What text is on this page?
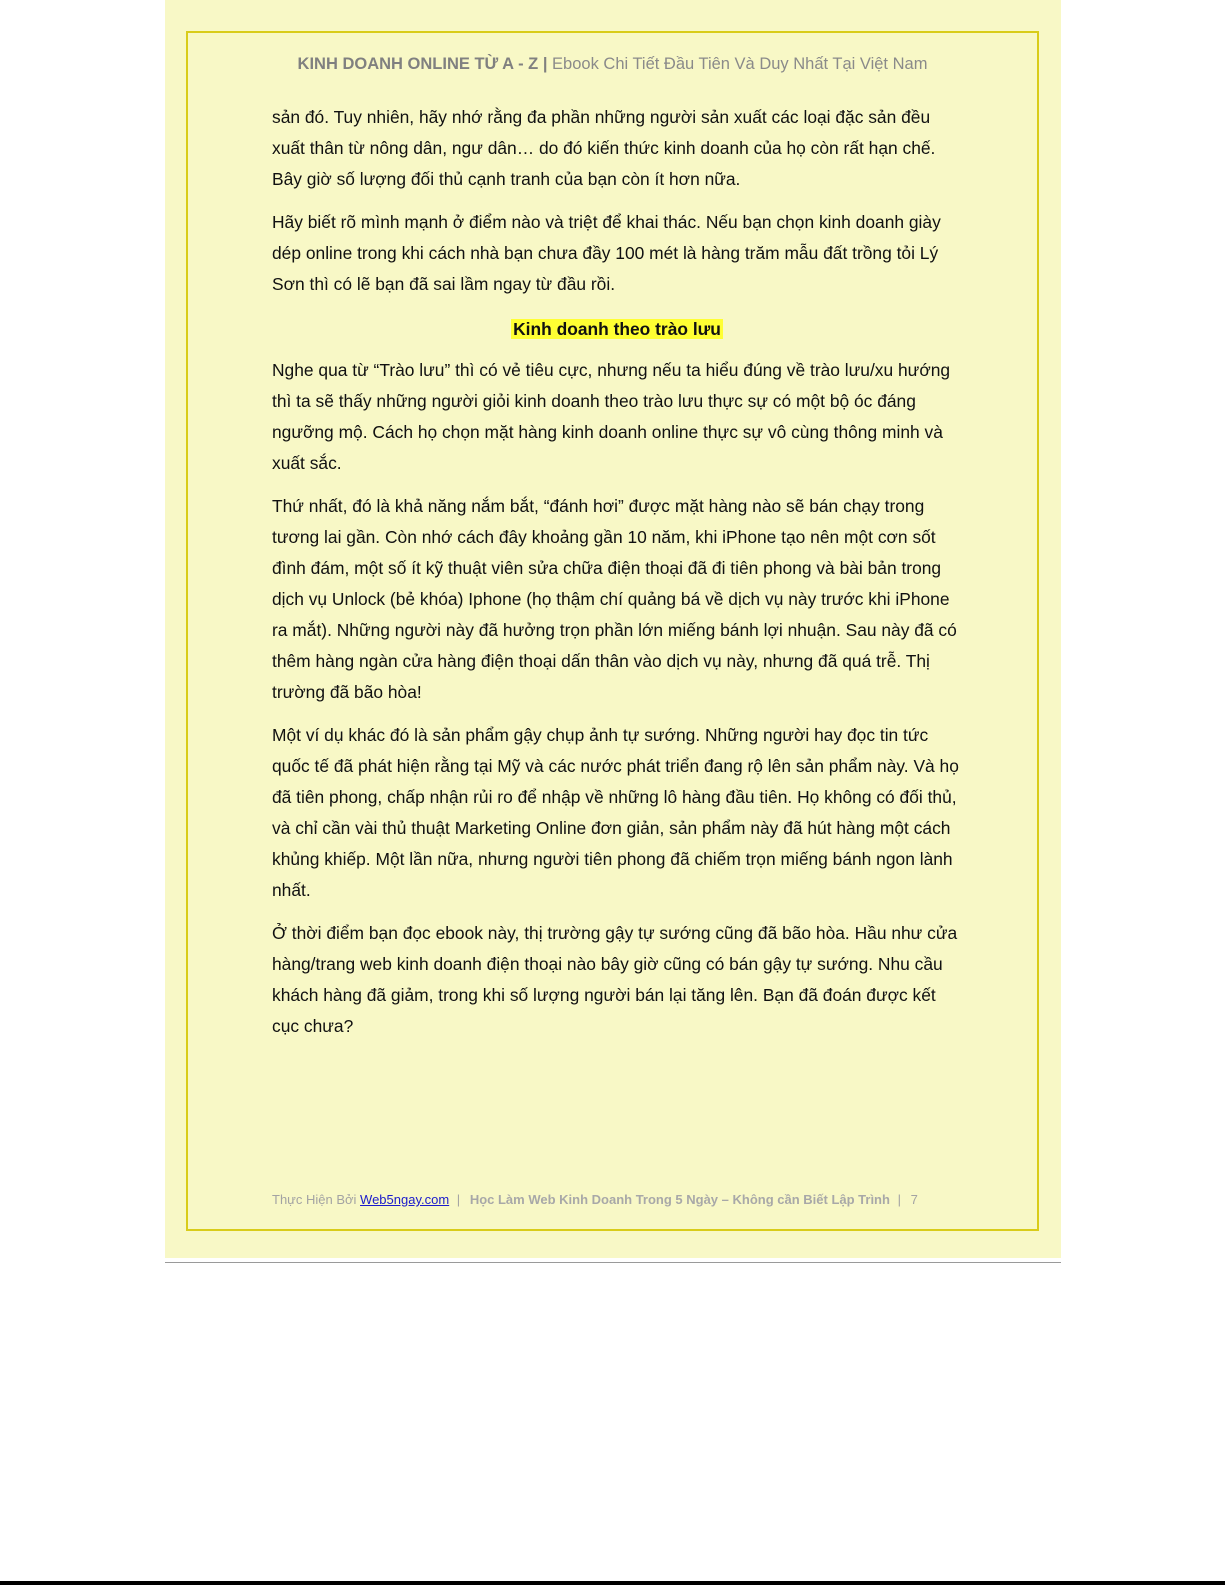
KINH DOANH ONLINE TỪ A - Z | Ebook Chi Tiết Đầu Tiên Và Duy Nhất Tại Việt Nam

sản đó. Tuy nhiên, hãy nhớ rằng đa phần những người sản xuất các loại đặc sản đều xuất thân từ nông dân, ngư dân… do đó kiến thức kinh doanh của họ còn rất hạn chế. Bây giờ số lượng đối thủ cạnh tranh của bạn còn ít hơn nữa.

Hãy biết rõ mình mạnh ở điểm nào và triệt để khai thác. Nếu bạn chọn kinh doanh giày dép online trong khi cách nhà bạn chưa đầy 100 mét là hàng trăm mẫu đất trồng tỏi Lý Sơn thì có lẽ bạn đã sai lầm ngay từ đầu rồi.

Kinh doanh theo trào lưu

Nghe qua từ “Trào lưu” thì có vẻ tiêu cực, nhưng nếu ta hiểu đúng về trào lưu/xu hướng thì ta sẽ thấy những người giỏi kinh doanh theo trào lưu thực sự có một bộ óc đáng ngưỡng mộ. Cách họ chọn mặt hàng kinh doanh online thực sự vô cùng thông minh và xuất sắc.

Thứ nhất, đó là khả năng nắm bắt, “đánh hơi” được mặt hàng nào sẽ bán chạy trong tương lai gần. Còn nhớ cách đây khoảng gần 10 năm, khi iPhone tạo nên một cơn sốt đình đám, một số ít kỹ thuật viên sửa chữa điện thoại đã đi tiên phong và bài bản trong dịch vụ Unlock (bẻ khóa) Iphone (họ thậm chí quảng bá về dịch vụ này trước khi iPhone ra mắt). Những người này đã hưởng trọn phần lớn miếng bánh lợi nhuận. Sau này đã có thêm hàng ngàn cửa hàng điện thoại dấn thân vào dịch vụ này, nhưng đã quá trễ. Thị trường đã bão hòa!

Một ví dụ khác đó là sản phẩm gậy chụp ảnh tự sướng. Những người hay đọc tin tức quốc tế đã phát hiện rằng tại Mỹ và các nước phát triển đang rộ lên sản phẩm này. Và họ đã tiên phong, chấp nhận rủi ro để nhập về những lô hàng đầu tiên. Họ không có đối thủ, và chỉ cần vài thủ thuật Marketing Online đơn giản, sản phẩm này đã hút hàng một cách khủng khiếp. Một lần nữa, nhưng người tiên phong đã chiếm trọn miếng bánh ngon lành nhất.

Ở thời điểm bạn đọc ebook này, thị trường gậy tự sướng cũng đã bão hòa. Hầu như cửa hàng/trang web kinh doanh điện thoại nào bây giờ cũng có bán gậy tự sướng. Nhu cầu khách hàng đã giảm, trong khi số lượng người bán lại tăng lên. Bạn đã đoán được kết cục chưa?

Thực Hiện Bởi Web5ngay.com | Học Làm Web Kinh Doanh Trong 5 Ngày – Không cần Biết Lập Trình | 7
